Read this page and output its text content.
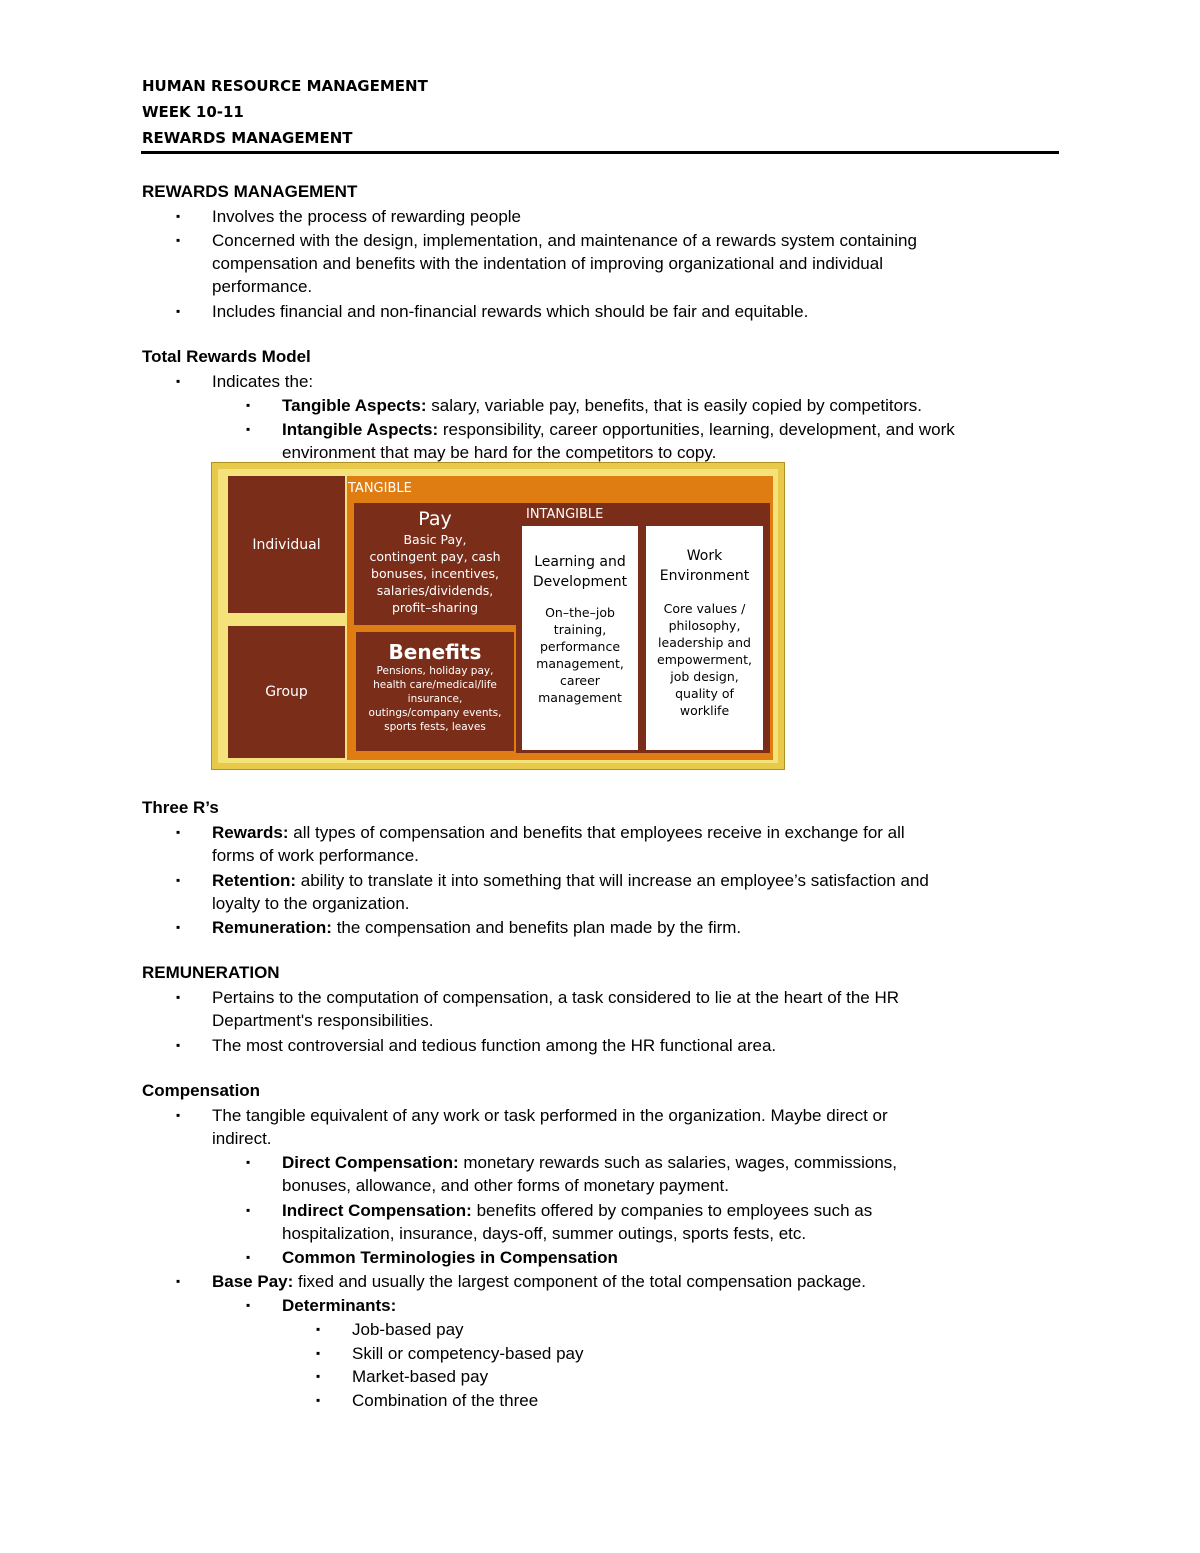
HUMAN RESOURCE MANAGEMENT
WEEK 10-11
REWARDS MANAGEMENT
REWARDS MANAGEMENT
▪ Involves the process of rewarding people
▪ Concerned with the design, implementation, and maintenance of a rewards system containing
compensation and benefits with the indentation of improving organizational and individual
performance.
▪ Includes financial and non-financial rewards which should be fair and equitable.
Total Rewards Model
▪ Indicates the:
▪ Tangible Aspects: salary, variable pay, benefits, that is easily copied by competitors.
▪ Intangible Aspects: responsibility, career opportunities, learning, development, and work
environment that may be hard for the competitors to copy.
Individual
Group
TANGIBLE
Pay
Basic Pay,
contingent pay, cash
bonuses, incentives,
salaries/dividends,
profit–sharing
Benefits
Pensions, holiday pay,
health care/medical/life
insurance,
outings/company events,
sports fests, leaves
INTANGIBLE
Learning and
Development
On–the–job
training,
performance
management,
career
management
Work
Environment
Core values /
philosophy,
leadership and
empowerment,
job design,
quality of
worklife
Three R’s
▪ Rewards: all types of compensation and benefits that employees receive in exchange for all
forms of work performance.
▪ Retention: ability to translate it into something that will increase an employee’s satisfaction and
loyalty to the organization.
▪ Remuneration: the compensation and benefits plan made by the firm.
REMUNERATION
▪ Pertains to the computation of compensation, a task considered to lie at the heart of the HR
Department's responsibilities.
▪ The most controversial and tedious function among the HR functional area.
Compensation
▪ The tangible equivalent of any work or task performed in the organization. Maybe direct or
indirect.
▪ Direct Compensation: monetary rewards such as salaries, wages, commissions,
bonuses, allowance, and other forms of monetary payment.
▪ Indirect Compensation: benefits offered by companies to employees such as
hospitalization, insurance, days-off, summer outings, sports fests, etc.
▪ Common Terminologies in Compensation
▪ Base Pay: fixed and usually the largest component of the total compensation package.
▪ Determinants:
▪ Job-based pay
▪ Skill or competency-based pay
▪ Market-based pay
▪ Combination of the three
